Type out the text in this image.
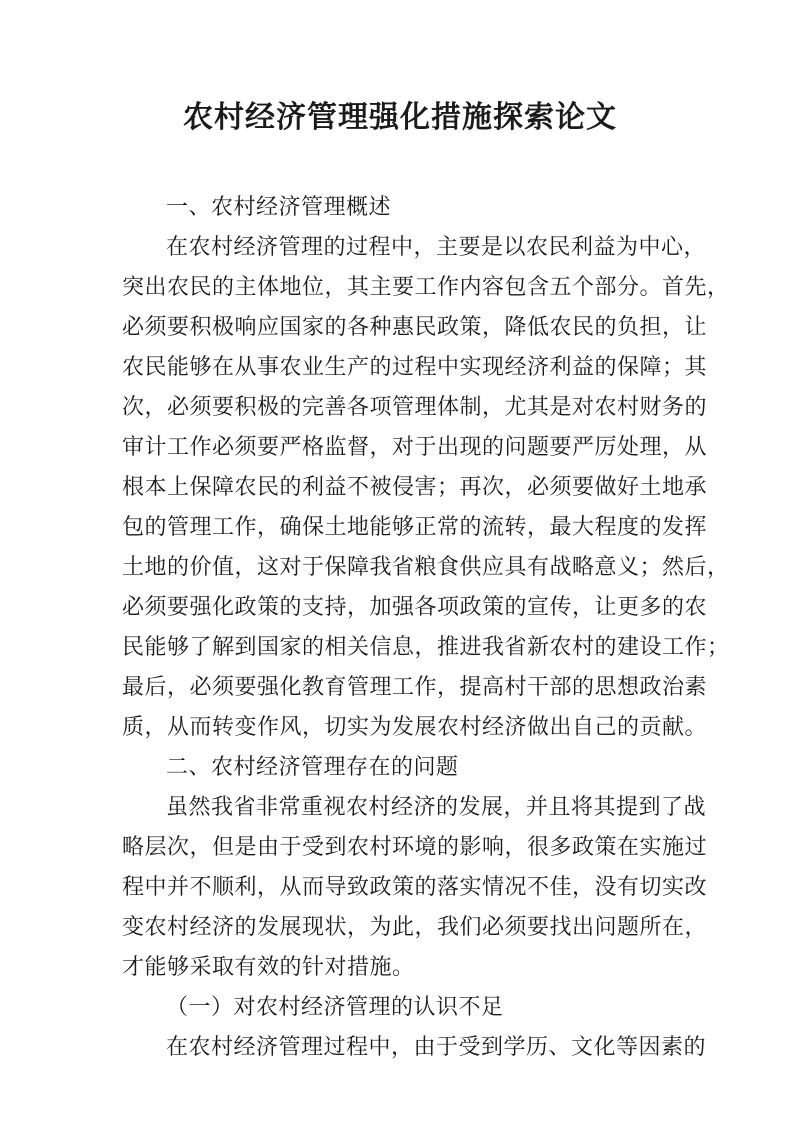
农村经济管理强化措施探索论文
一、农村经济管理概述
在农村经济管理的过程中，主要是以农民利益为中心，
突出农民的主体地位，其主要工作内容包含五个部分。首先，
必须要积极响应国家的各种惠民政策，降低农民的负担，让
农民能够在从事农业生产的过程中实现经济利益的保障；其
次，必须要积极的完善各项管理体制，尤其是对农村财务的
审计工作必须要严格监督，对于出现的问题要严厉处理，从
根本上保障农民的利益不被侵害；再次，必须要做好土地承
包的管理工作，确保土地能够正常的流转，最大程度的发挥
土地的价值，这对于保障我省粮食供应具有战略意义；然后，
必须要强化政策的支持，加强各项政策的宣传，让更多的农
民能够了解到国家的相关信息，推进我省新农村的建设工作；
最后，必须要强化教育管理工作，提高村干部的思想政治素
质，从而转变作风，切实为发展农村经济做出自己的贡献。
二、农村经济管理存在的问题
虽然我省非常重视农村经济的发展，并且将其提到了战
略层次，但是由于受到农村环境的影响，很多政策在实施过
程中并不顺利，从而导致政策的落实情况不佳，没有切实改
变农村经济的发展现状，为此，我们必须要找出问题所在，
才能够采取有效的针对措施。
（一）对农村经济管理的认识不足
在农村经济管理过程中，由于受到学历、文化等因素的
